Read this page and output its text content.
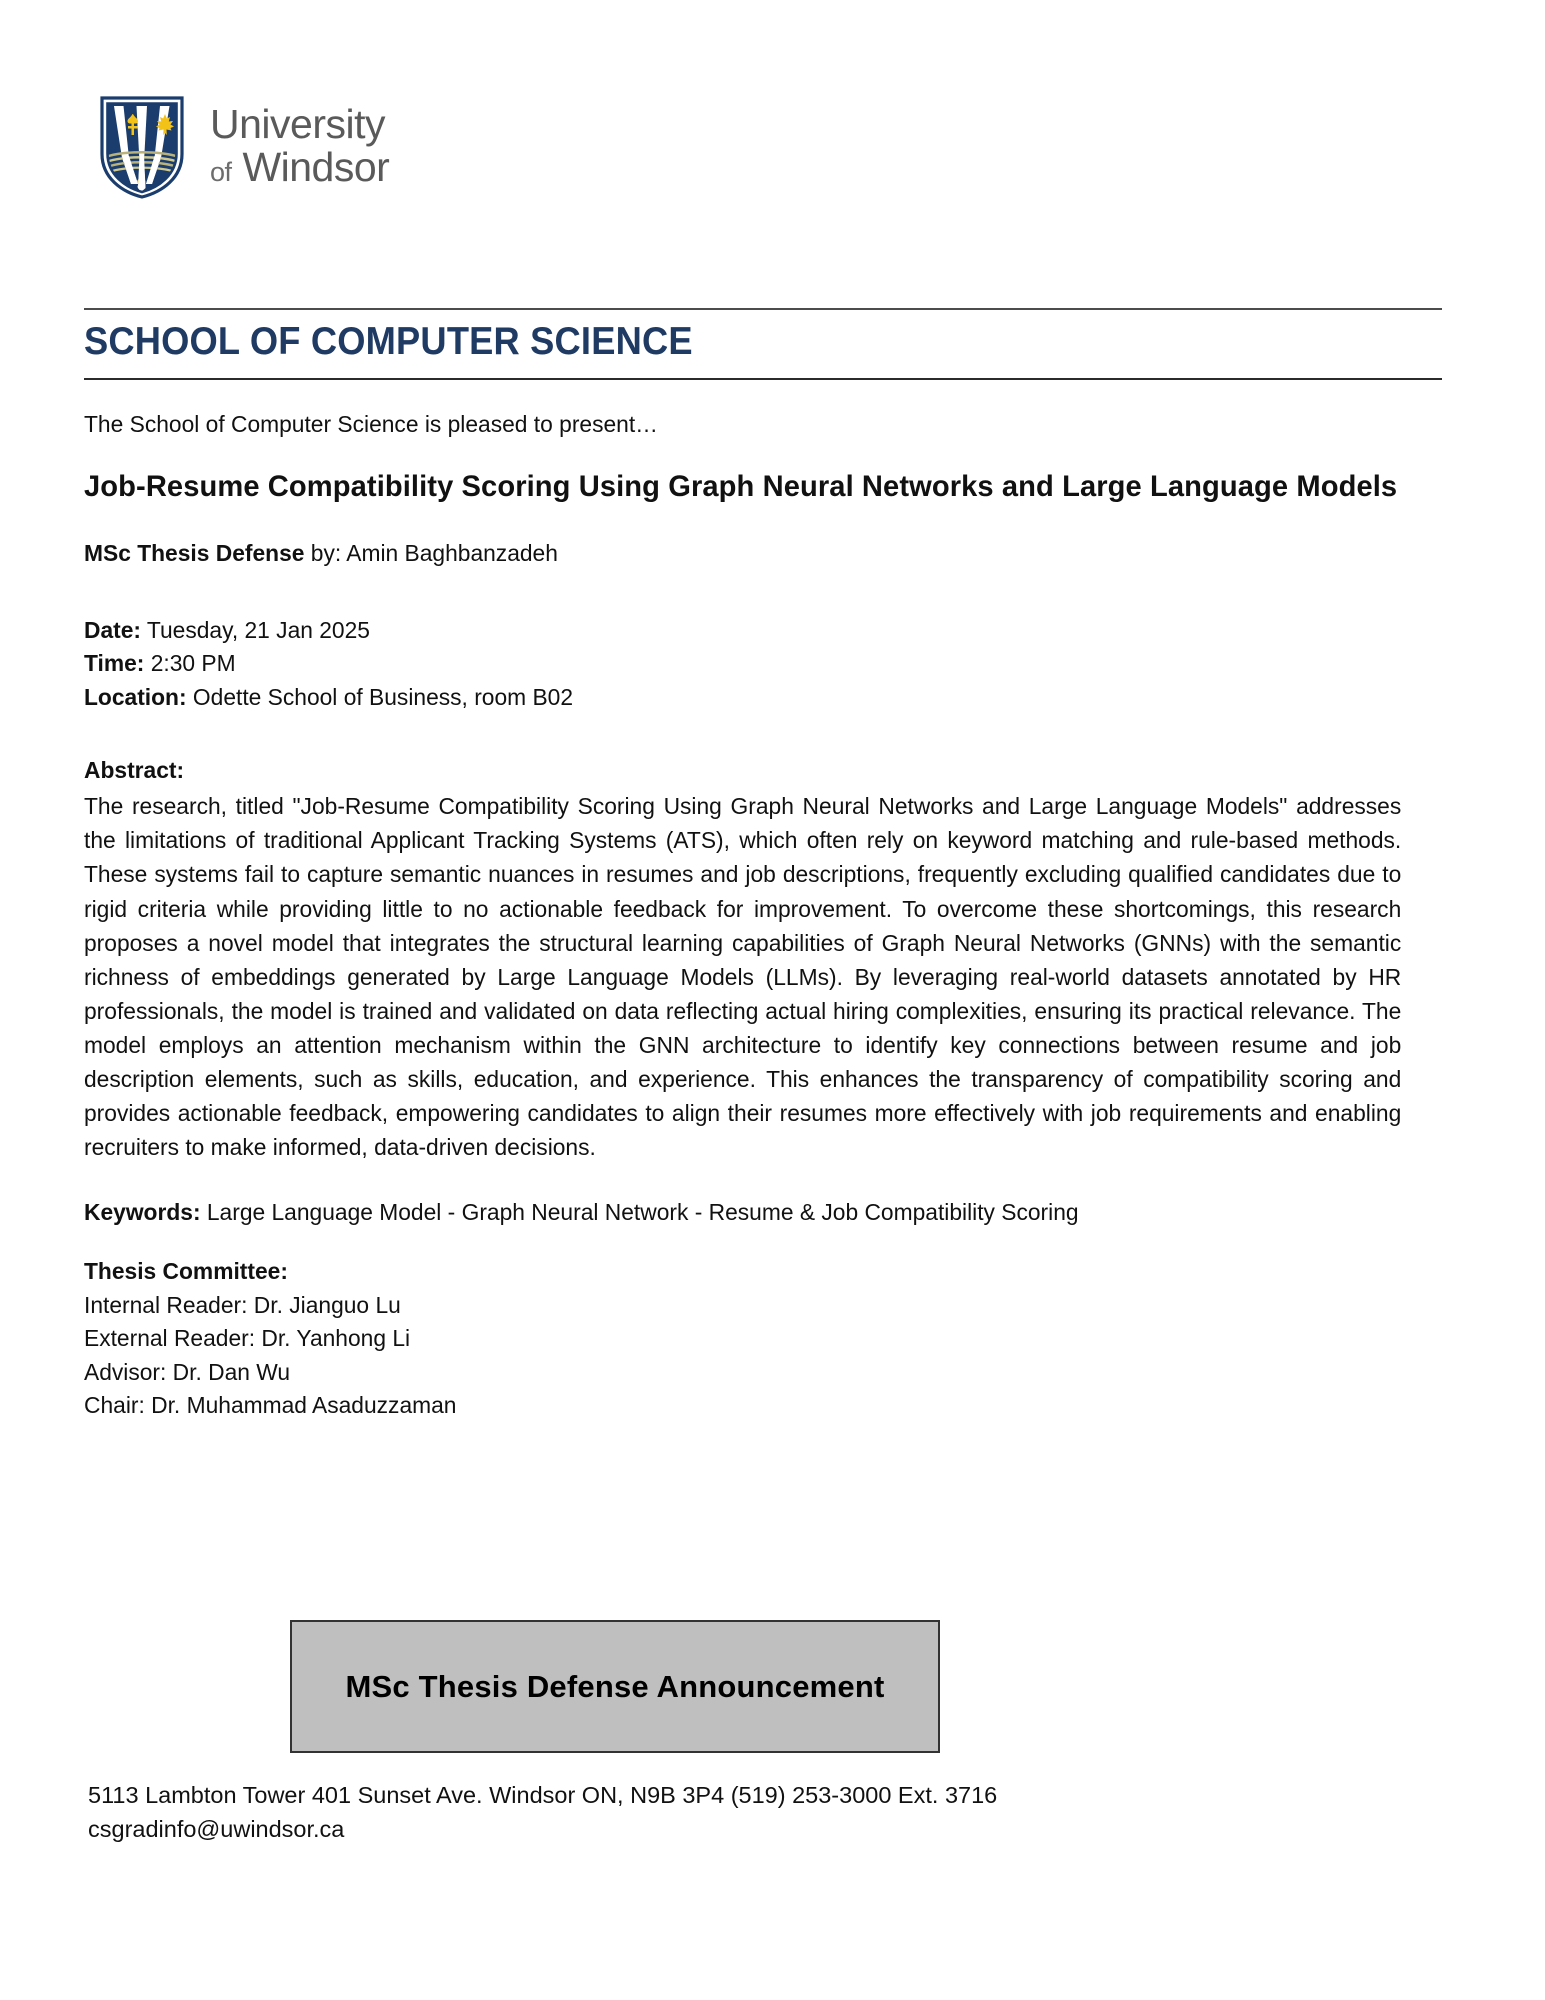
University
of Windsor
SCHOOL OF COMPUTER SCIENCE
The School of Computer Science is pleased to present…
Job-Resume Compatibility Scoring Using Graph Neural Networks and Large Language Models
MSc Thesis Defense by: Amin Baghbanzadeh
Date: Tuesday, 21 Jan 2025
Time: 2:30 PM
Location: Odette School of Business, room B02
Abstract:
The research, titled "Job-Resume Compatibility Scoring Using Graph Neural Networks and Large Language Models" addresses the limitations of traditional Applicant Tracking Systems (ATS), which often rely on keyword matching and rule-based methods. These systems fail to capture semantic nuances in resumes and job descriptions, frequently excluding qualified candidates due to rigid criteria while providing little to no actionable feedback for improvement. To overcome these shortcomings, this research proposes a novel model that integrates the structural learning capabilities of Graph Neural Networks (GNNs) with the semantic richness of embeddings generated by Large Language Models (LLMs). By leveraging real-world datasets annotated by HR professionals, the model is trained and validated on data reflecting actual hiring complexities, ensuring its practical relevance. The model employs an attention mechanism within the GNN architecture to identify key connections between resume and job description elements, such as skills, education, and experience. This enhances the transparency of compatibility scoring and provides actionable feedback, empowering candidates to align their resumes more effectively with job requirements and enabling recruiters to make informed, data-driven decisions.
Keywords: Large Language Model - Graph Neural Network - Resume & Job Compatibility Scoring
Thesis Committee:
Internal Reader: Dr. Jianguo Lu
External Reader: Dr. Yanhong Li
Advisor: Dr. Dan Wu
Chair: Dr. Muhammad Asaduzzaman
MSc Thesis Defense Announcement
5113 Lambton Tower 401 Sunset Ave. Windsor ON, N9B 3P4 (519) 253-3000 Ext. 3716
csgradinfo@uwindsor.ca
